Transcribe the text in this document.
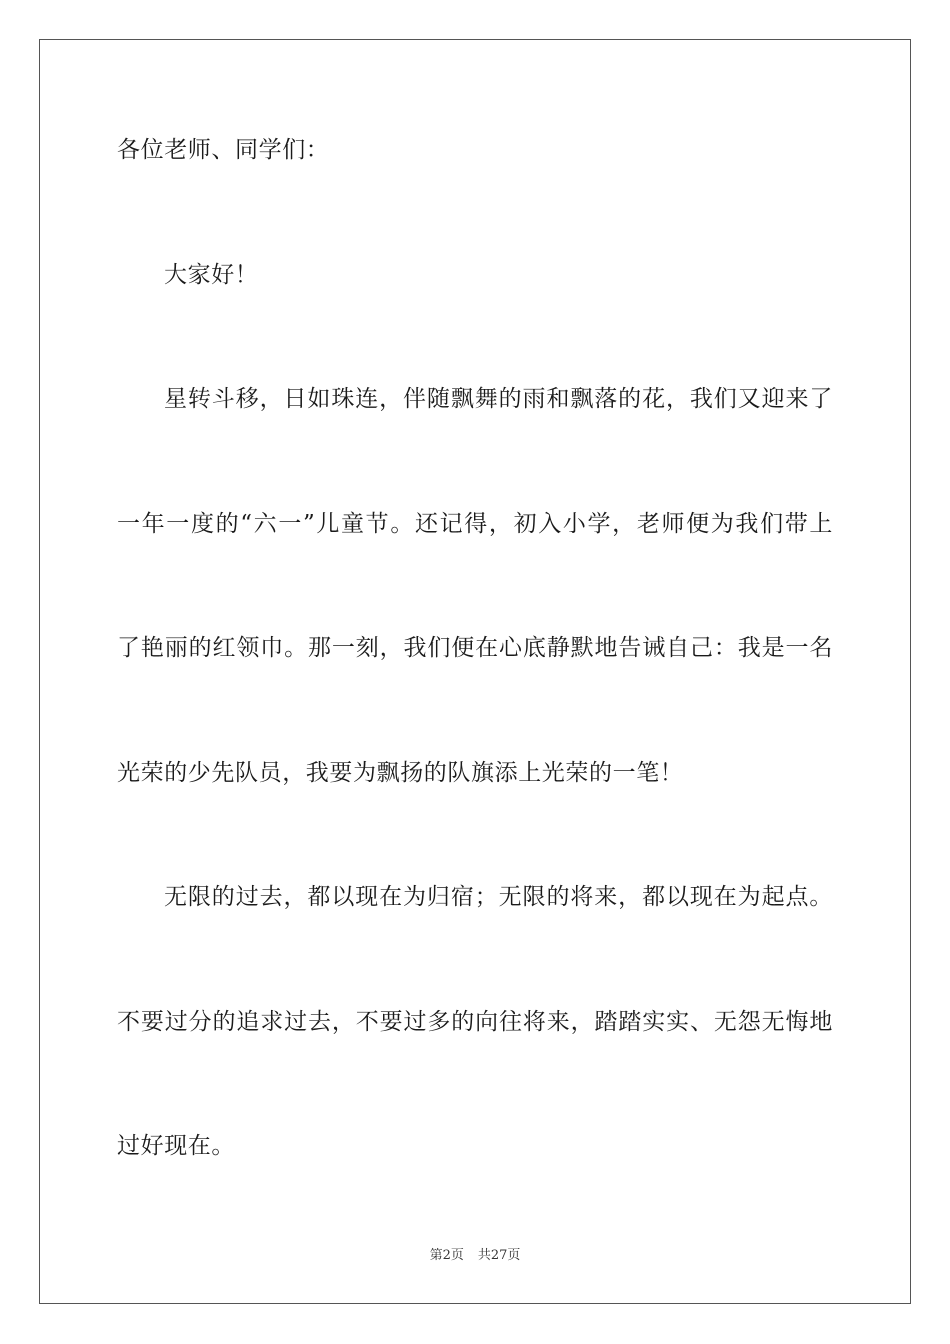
各位老师、同学们：
大家好！
星转斗移，日如珠连，伴随飘舞的雨和飘落的花，我们又迎来了
一年一度的“六一”儿童节。还记得，初入小学，老师便为我们带上
了艳丽的红领巾。那一刻，我们便在心底静默地告诫自己：我是一名
光荣的少先队员，我要为飘扬的队旗添上光荣的一笔！
无限的过去，都以现在为归宿；无限的将来，都以现在为起点。
不要过分的追求过去，不要过多的向往将来，踏踏实实、无怨无悔地
过好现在。
第2页 共27页
